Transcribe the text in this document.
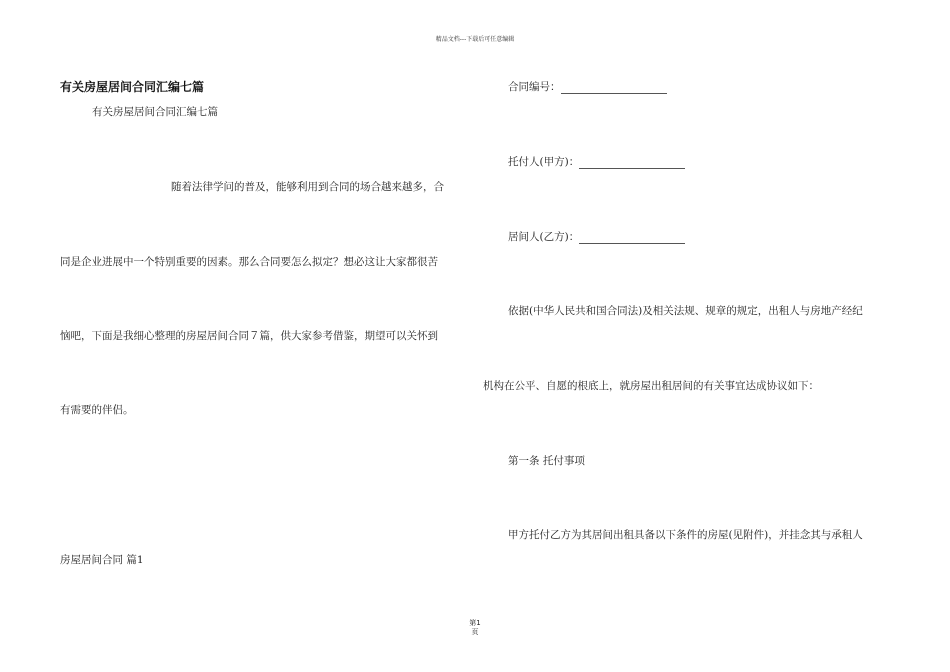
精品文档---下载后可任意编辑
有关房屋居间合同汇编七篇
有关房屋居间合同汇编七篇
随着法律学问的普及，能够利用到合同的场合越来越多，合
同是企业进展中一个特别重要的因素。那么合同要怎么拟定？想必这让大家都很苦
恼吧，下面是我细心整理的房屋居间合同７篇，供大家参考借鉴，期望可以关怀到
有需要的伴侣。
房屋居间合同 篇1
合同编号：
托付人(甲方)：
居间人(乙方)：
依据(中华人民共和国合同法)及相关法规、规章的规定，出租人与房地产经纪
机构在公平、自愿的根底上，就房屋出租居间的有关事宜达成协议如下：
第一条 托付事项
甲方托付乙方为其居间出租具备以下条件的房屋(见附件)，并挂念其与承租人
第1
页
